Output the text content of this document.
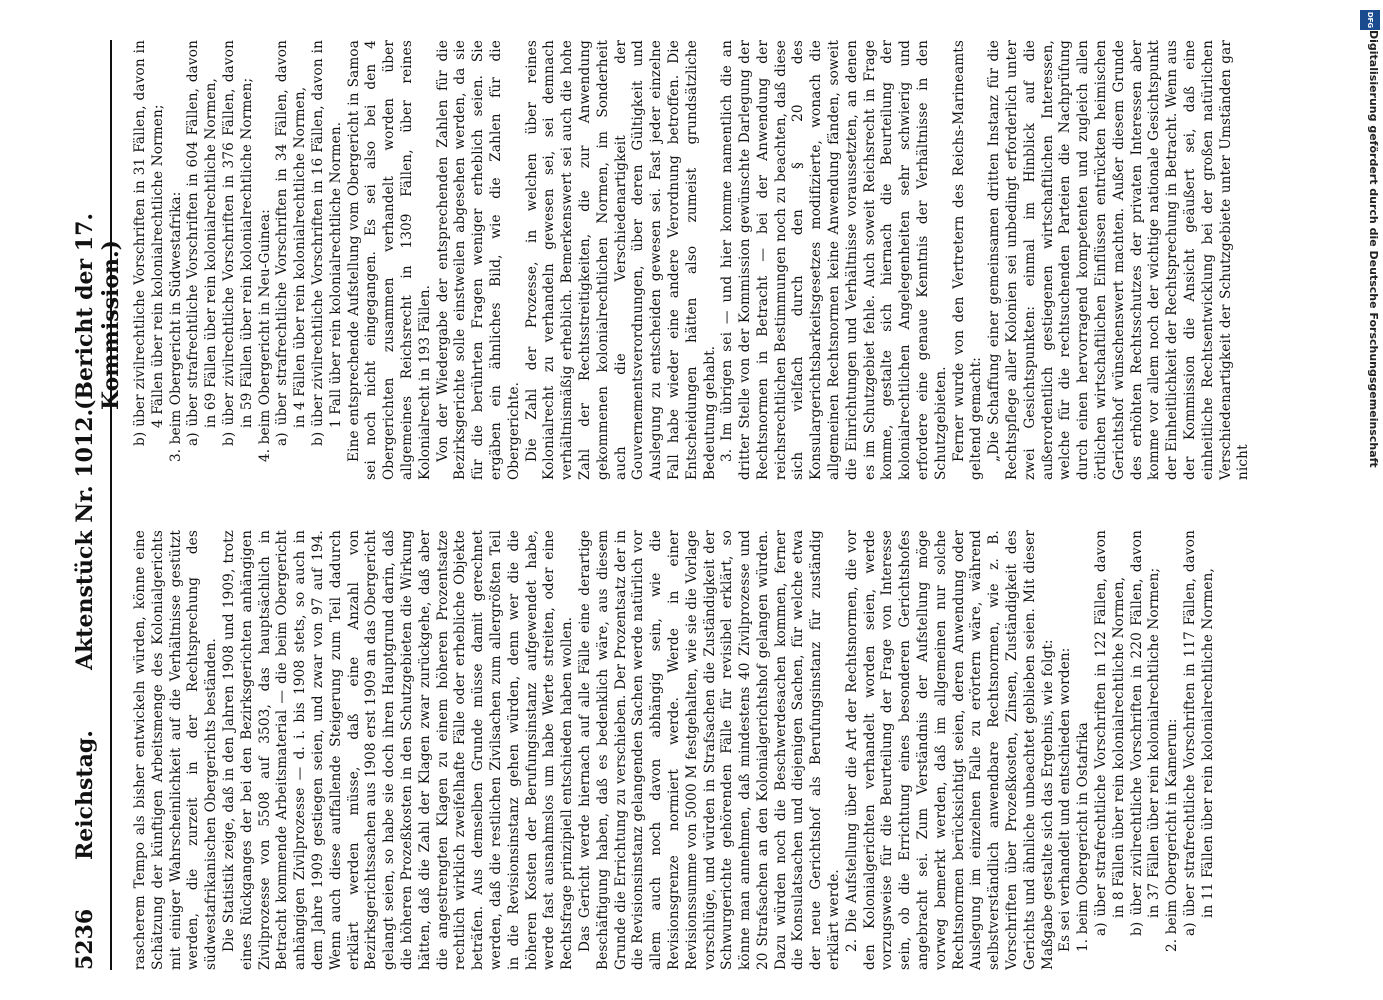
5236
Reichstag.
Aktenstück Nr. 1012.
(Bericht der 17. Kommission.)

rascherem Tempo als bisher entwickeln würden, könne eine Schätzung der künftigen Arbeitsmenge des Kolonialgerichts mit einiger Wahrscheinlichkeit auf die Verhältnisse gestützt werden, die zurzeit in der Rechtsprechung des südwestafrikanischen Obergerichts beständen. Die Statistik zeige, daß in den Jahren 1908 und 1909, trotz eines Rückganges der bei den Bezirksgerichten anhängigen Zivilprozesse von 5508 auf 3503, das hauptsächlich in Betracht kommende Arbeitsmaterial — die beim Obergericht anhängigen Zivilprozesse — d. i. bis 1908 stets, so auch in dem Jahre 1909 gestiegen seien, und zwar von 97 auf 194. Wenn auch diese auffallende Steigerung zum Teil dadurch erklärt werden müsse, daß eine Anzahl von Bezirksgerichtssachen aus 1908 erst 1909 an das Obergericht gelangt seien, so habe sie doch ihren Hauptgrund darin, daß die höheren Prozeßkosten in den Schutzgebieten die Wirkung hätten, daß die Zahl der Klagen zwar zurückgehe, daß aber die angestrengten Klagen zu einem höheren Prozentsatze rechtlich wirklich zweifelhafte Fälle oder erhebliche Objekte beträfen. Aus demselben Grunde müsse damit gerechnet werden, daß die restlichen Zivilsachen zum allergrößten Teil in die Revisionsinstanz gehen würden, denn wer die die höheren Kosten der Berufungsinstanz aufgewendet habe, werde fast ausnahmslos um habe Werte streiten, oder eine Rechtsfrage prinzipiell entschieden haben wollen. Das Gericht werde hiernach auf alle Fälle eine derartige Beschäftigung haben, daß es bedenklich wäre, aus diesem Grunde die Errichtung zu verschieben. Der Prozentsatz der in die Revisionsinstanz gelangenden Sachen werde natürlich vor allem auch noch davon abhängig sein, wie die Revisionsgrenze normiert werde. Werde in einer Revisionssumme von 5000 M festgehalten, wie sie die Vorlage vorschlüge, und würden in Strafsachen die Zuständigkeit der Schwurgerichte gehörenden Fälle für revisibel erklärt, so könne man annehmen, daß mindestens 40 Zivilprozesse und 20 Strafsachen an den Kolonialgerichtshof gelangen würden. Dazu würden noch die Beschwerdesachen kommen, ferner die Konsulatsachen und diejenigen Sachen, für welche etwa der neue Gerichtshof als Berufungsinstanz für zuständig erklärt werde. 2. Die Aufstellung über die Art der Rechtsnormen, die vor den Kolonialgerichten verhandelt worden seien, werde vorzugsweise für die Beurteilung der Frage von Interesse sein, ob die Errichtung eines besonderen Gerichtshofes angebracht sei. Zum Verständnis der Aufstellung möge vorweg bemerkt werden, daß im allgemeinen nur solche Rechtsnormen berücksichtigt seien, deren Anwendung oder Auslegung im einzelnen Falle zu erörtern wäre, während selbstverständlich anwendbare Rechtsnormen, wie z. B. Vorschriften über Prozeßkosten, Zinsen, Zuständigkeit des Gerichts und ähnliche unbeachtet geblieben seien. Mit dieser Maßgabe gestalte sich das Ergebnis, wie folgt: Es sei verhandelt und entschieden worden: 1. beim Obergericht in Ostafrika a) über strafrechtliche Vorschriften in 122 Fällen, davon in 8 Fällen über rein kolonialrechtliche Normen, b) über zivilrechtliche Vorschriften in 220 Fällen, davon in 37 Fällen über rein kolonialrechtliche Normen; 2. beim Obergericht in Kamerun: a) über strafrechtliche Vorschriften in 117 Fällen, davon in 11 Fällen über rein kolonialrechtliche Normen,

b) über zivilrechtliche Vorschriften in 31 Fällen, davon in 4 Fällen über rein kolonialrechtliche Normen; 3. beim Obergericht in Südwestafrika: a) über strafrechtliche Vorschriften in 604 Fällen, davon in 69 Fällen über rein kolonialrechtliche Normen, b) über zivilrechtliche Vorschriften in 376 Fällen, davon in 59 Fällen über rein kolonialrechtliche Normen; 4. beim Obergericht in Neu-Guinea: a) über strafrechtliche Vorschriften in 34 Fällen, davon in 4 Fällen über rein kolonialrechtliche Normen, b) über zivilrechtliche Vorschriften in 16 Fällen, davon in 1 Fall über rein kolonialrechtliche Normen. Eine entsprechende Aufstellung vom Obergericht in Samoa sei noch nicht eingegangen. Es sei also bei den 4 Obergerichten zusammen verhandelt worden über allgemeines Reichsrecht in 1309 Fällen, über reines Kolonialrecht in 193 Fällen. Von der Wiedergabe der entsprechenden Zahlen für die Bezirksgerichte solle einstweilen abgesehen werden, da sie für die berührten Fragen weniger erheblich seien. Sie ergäben ein ähnliches Bild, wie die Zahlen für die Obergerichte. Die Zahl der Prozesse, in welchen über reines Kolonialrecht zu verhandeln gewesen sei, sei demnach verhältnismäßig erheblich. Bemerkenswert sei auch die hohe Zahl der Rechtsstreitigkeiten, die zur Anwendung gekommenen kolonialrechtlichen Normen, im Sonderheit auch die Verschiedenartigkeit der Gouvernementsverordnungen, über deren Gültigkeit und Auslegung zu entscheiden gewesen sei. Fast jeder einzelne Fall habe wieder eine andere Verordnung betroffen. Die Entscheidungen hätten also zumeist grundsätzliche Bedeutung gehabt. 3. Im übrigen sei — und hier komme namentlich die an dritter Stelle von der Kommission gewünschte Darlegung der Rechtsnormen in Betracht — bei der Anwendung der reichsrechtlichen Bestimmungen noch zu beachten, daß diese sich vielfach durch den § 20 des Konsulargerichtsbarkeitsgesetzes modifizierte, wonach die allgemeinen Rechtsnormen keine Anwendung fänden, soweit die Einrichtungen und Verhältnisse voraussetzten, an denen es im Schutzgebiet fehle. Auch soweit Reichsrecht in Frage komme, gestalte sich hiernach die Beurteilung der kolonialrechtlichen Angelegenheiten sehr schwierig und erfordere eine genaue Kenntnis der Verhältnisse in den Schutzgebieten. Ferner wurde von den Vertretern des Reichs-Marineamts geltend gemacht: „Die Schaffung einer gemeinsamen dritten Instanz für die Rechtspflege aller Kolonien sei unbedingt erforderlich unter zwei Gesichtspunkten: einmal im Hinblick auf die außerordentlich gestiegenen wirtschaftlichen Interessen, welche für die rechtsuchenden Parteien die Nachprüfung durch einen hervorragend kompetenten und zugleich allen örtlichen wirtschaftlichen Einflüssen entrückten heimischen Gerichtshof wünschenswert machten. Außer diesem Grunde des erhöhten Rechtsschutzes der privaten Interessen aber komme vor allem noch der wichtige nationale Gesichtspunkt der Einheitlichkeit der Rechtsprechung in Betracht. Wenn aus der Kommission die Ansicht geäußert sei, daß eine einheitliche Rechtsentwicklung bei der großen natürlichen Verschiedenartigkeit der Schutzgebiete unter Umständen gar nicht

DFG
Digitalisierung gefördert durch die Deutsche Forschungsgemeinschaft
